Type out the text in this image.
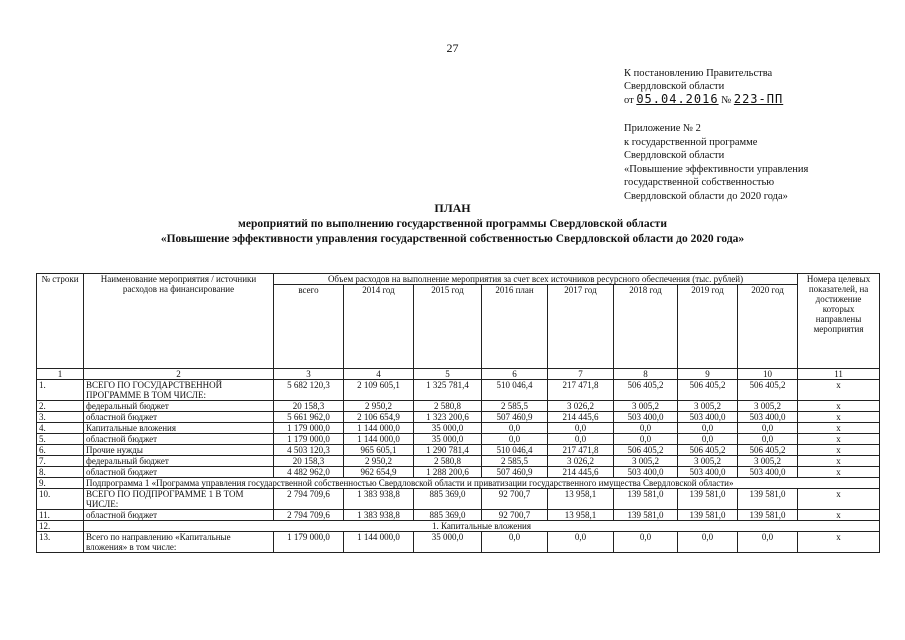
27
К постановлению Правительства
Свердловской области
от 05.04.2016 № 223-ПП
Приложение № 2
к государственной программе
Свердловской области
«Повышение эффективности управления
государственной собственностью
Свердловской области до 2020 года»
ПЛАН
мероприятий по выполнению государственной программы Свердловской области
«Повышение эффективности управления государственной собственностью Свердловской области до 2020 года»
№ строки	Наименование мероприятия / источники расходов на финансирование	Объем расходов на выполнение мероприятия за счет всех источников ресурсного обеспечения (тыс. рублей)								Номера целевых показателей, на достижение которых направлены мероприятия
		всего	2014 год	2015 год	2016 план	2017 год	2018 год	2019 год	2020 год	
1	2	3	4	5	6	7	8	9	10	11
1.	ВСЕГО ПО ГОСУДАРСТВЕННОЙ ПРОГРАММЕ В ТОМ ЧИСЛЕ:	5 682 120,3	2 109 605,1	1 325 781,4	510 046,4	217 471,8	506 405,2	506 405,2	506 405,2	х
2.	федеральный бюджет	20 158,3	2 950,2	2 580,8	2 585,5	3 026,2	3 005,2	3 005,2	3 005,2	х
3.	областной бюджет	5 661 962,0	2 106 654,9	1 323 200,6	507 460,9	214 445,6	503 400,0	503 400,0	503 400,0	х
4.	Капитальные вложения	1 179 000,0	1 144 000,0	35 000,0	0,0	0,0	0,0	0,0	0,0	х
5.	областной бюджет	1 179 000,0	1 144 000,0	35 000,0	0,0	0,0	0,0	0,0	0,0	х
6.	Прочие нужды	4 503 120,3	965 605,1	1 290 781,4	510 046,4	217 471,8	506 405,2	506 405,2	506 405,2	х
7.	федеральный бюджет	20 158,3	2 950,2	2 580,8	2 585,5	3 026,2	3 005,2	3 005,2	3 005,2	х
8.	областной бюджет	4 482 962,0	962 654,9	1 288 200,6	507 460,9	214 445,6	503 400,0	503 400,0	503 400,0	х
9.	Подпрограмма 1 «Программа управления государственной собственностью Свердловской области и приватизации государственного имущества Свердловской области»									
10.	ВСЕГО ПО ПОДПРОГРАММЕ 1 В ТОМ ЧИСЛЕ:	2 794 709,6	1 383 938,8	885 369,0	92 700,7	13 958,1	139 581,0	139 581,0	139 581,0	х
11.	областной бюджет	2 794 709,6	1 383 938,8	885 369,0	92 700,7	13 958,1	139 581,0	139 581,0	139 581,0	х
12.	1. Капитальные вложения									
13.	Всего по направлению «Капитальные вложения» в том числе:	1 179 000,0	1 144 000,0	35 000,0	0,0	0,0	0,0	0,0	0,0	х
